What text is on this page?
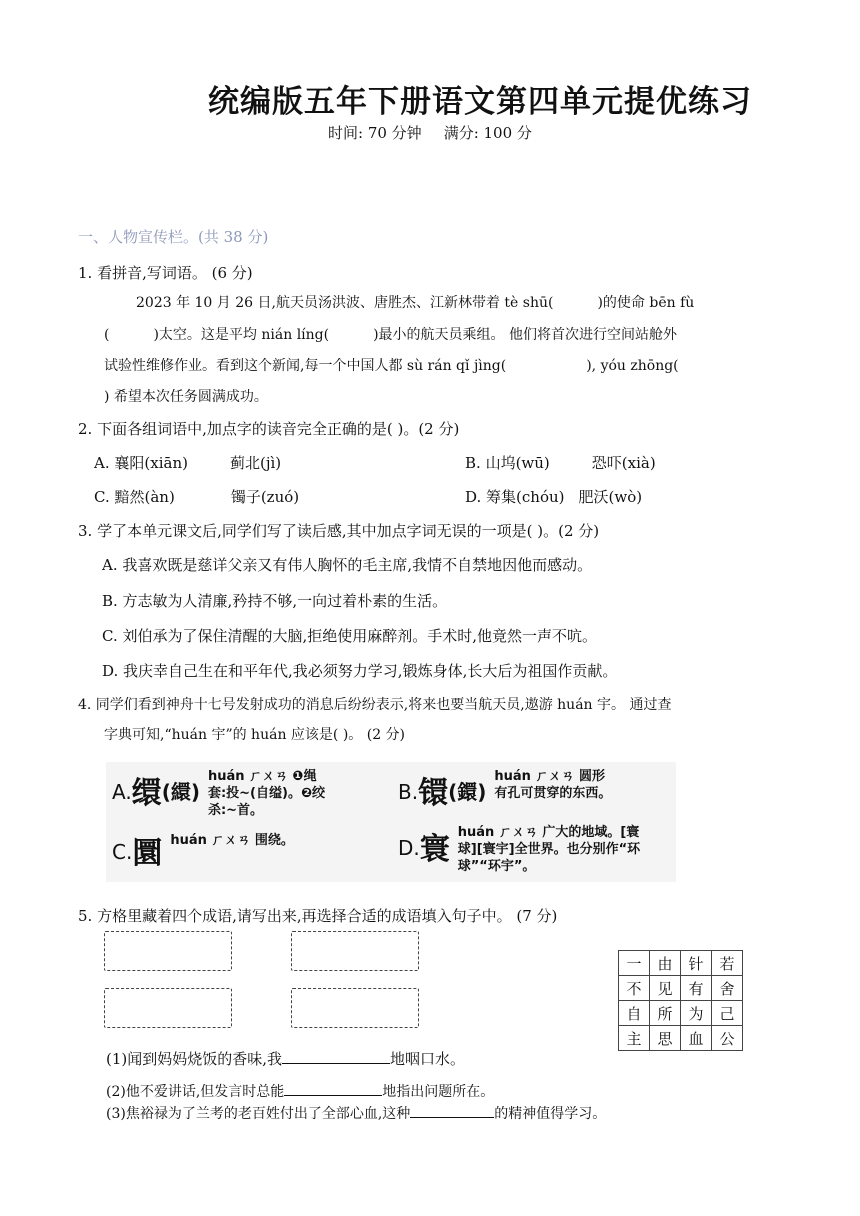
统编版五年下册语文第四单元提优练习
时间: 70 分钟 满分: 100 分
一、人物宣传栏。(共 38 分)
1. 看拼音,写词语。 (6 分)
2023 年 10 月 26 日,航天员汤洪波、唐胜杰、江新林带着 tè shū(	)的使命 bēn fù
(	)太空。这是平均 nián líng(	)最小的航天员乘组。 他们将首次进行空间站舱外
试验性维修作业。看到这个新闻,每一个中国人都 sù rán qǐ jìng(	), yóu zhōng(
) 希望本次任务圆满成功。
2. 下面各组词语中,加点字的读音完全正确的是( )。(2 分)
A. 襄阳(xiān)	蓟北(jì)	B. 山坞(wū)	恐吓(xià)
C. 黯然(àn)	镯子(zuó)	D. 筹集(chóu) 肥沃(wò)
3. 学了本单元课文后,同学们写了读后感,其中加点字词无误的一项是( )。(2 分)
A. 我喜欢既是慈详父亲又有伟人胸怀的毛主席,我情不自禁地因他而感动。
B. 方志敏为人清廉,矜持不够,一向过着朴素的生活。
C. 刘伯承为了保住清醒的大脑,拒绝使用麻醉剂。手术时,他竟然一声不吭。
D. 我庆幸自己生在和平年代,我必须努力学习,锻炼身体,长大后为祖国作贡献。
4. 同学们看到神舟十七号发射成功的消息后纷纷表示,将来也要当航天员,遨游 huán 宇。 通过查
字典可知,“huán 宇”的 huán 应该是( )。 (2 分)
A. 缳 (繯)
huán ㄏㄨㄢ ❶绳套:投~(自缢)。❷绞杀:~首。
B. 镮 (鐶)
huán ㄏㄨㄢ 圆形有孔可贯穿的东西。
C. 圜 huán ㄏㄨㄢ 围绕。	D. 寰 huán ㄏㄨㄢ 广大的地域。[寰球][寰宇]全世界。也分别作“环球”“环宇”。
5. 方格里藏着四个成语,请写出来,再选择合适的成语填入句子中。 (7 分)
一	由	针	若
不	见	有	舍
自	所	为	己
主	思	血	公
(1)闻到妈妈烧饭的香味,我	地咽口水。
(2)他不爱讲话,但发言时总能	地指出问题所在。
(3)焦裕禄为了兰考的老百姓付出了全部心血,这种	的精神值得学习。
